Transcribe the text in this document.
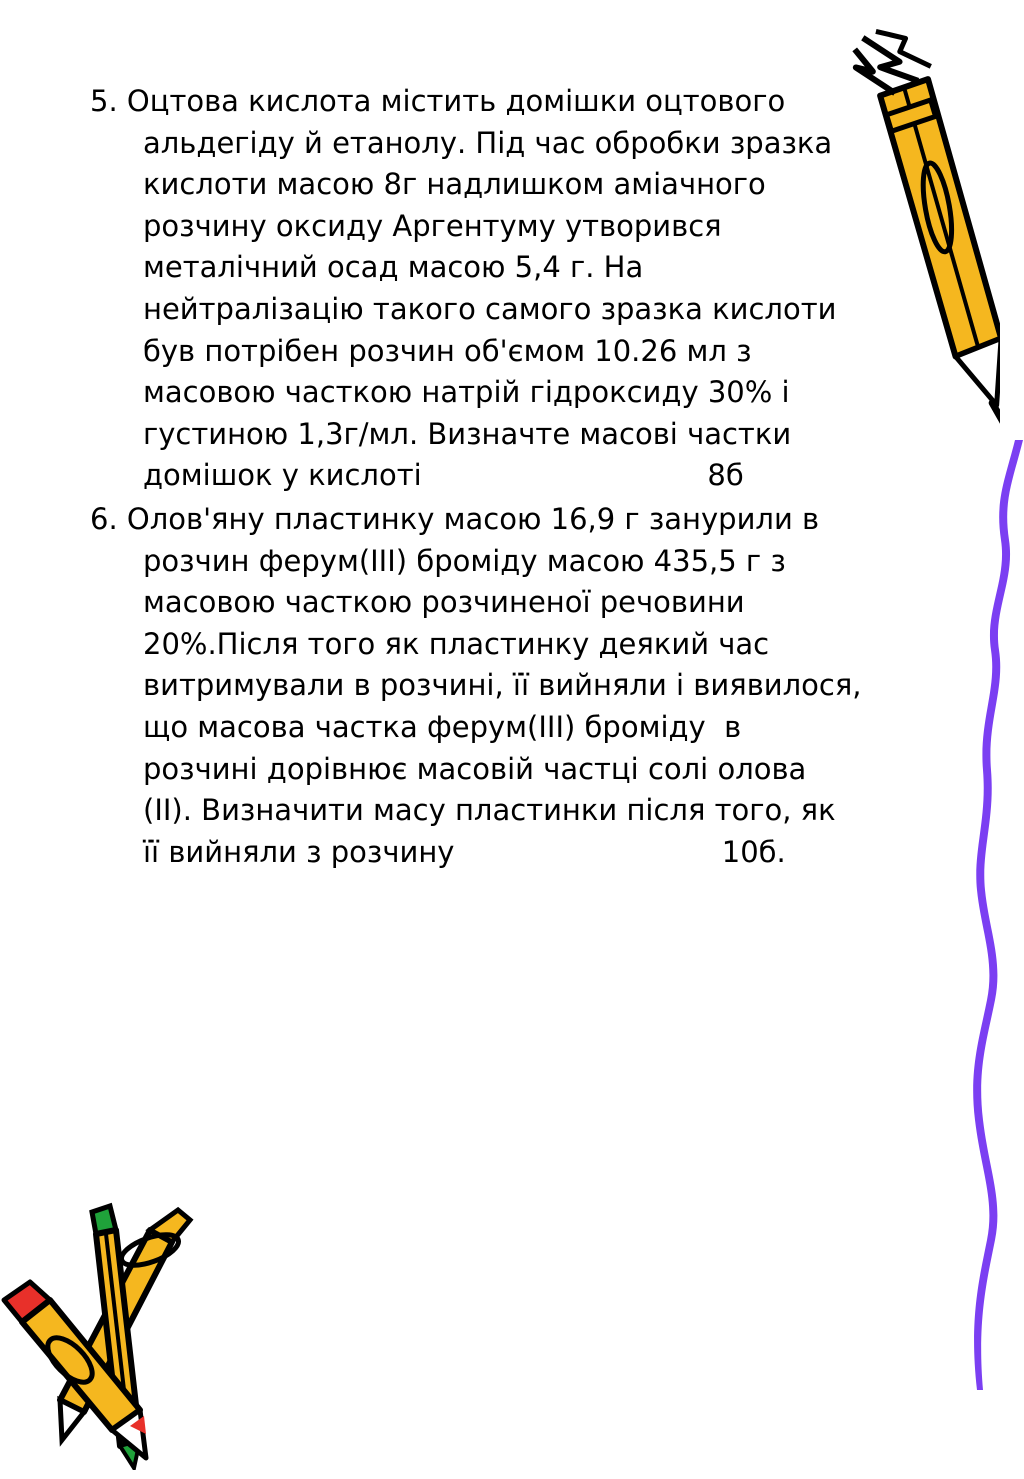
5. Оцтова кислота містить домішки оцтового
альдегіду й етанолу. Під час обробки зразка
кислоти масою 8г надлишком аміачного
розчину оксиду Аргентуму утворився
металічний осад масою 5,4 г. На
нейтралізацію такого самого зразка кислоти
був потрібен розчин об'ємом 10.26 мл з
масовою часткою натрій гідроксиду 30% і
густиною 1,3г/мл. Визначте масові частки
домішок у кислоті                               8б
6. Олов'яну пластинку масою 16,9 г занурили в
розчин ферум(III) броміду масою 435,5 г з
масовою часткою розчиненої речовини
20%.Після того як пластинку деякий час
витримували в розчині, її вийняли і виявилося,
що масова частка ферум(III) броміду  в
розчині дорівнює масовій частці солі олова
(II). Визначити масу пластинки після того, як
її вийняли з розчину                             10б.
